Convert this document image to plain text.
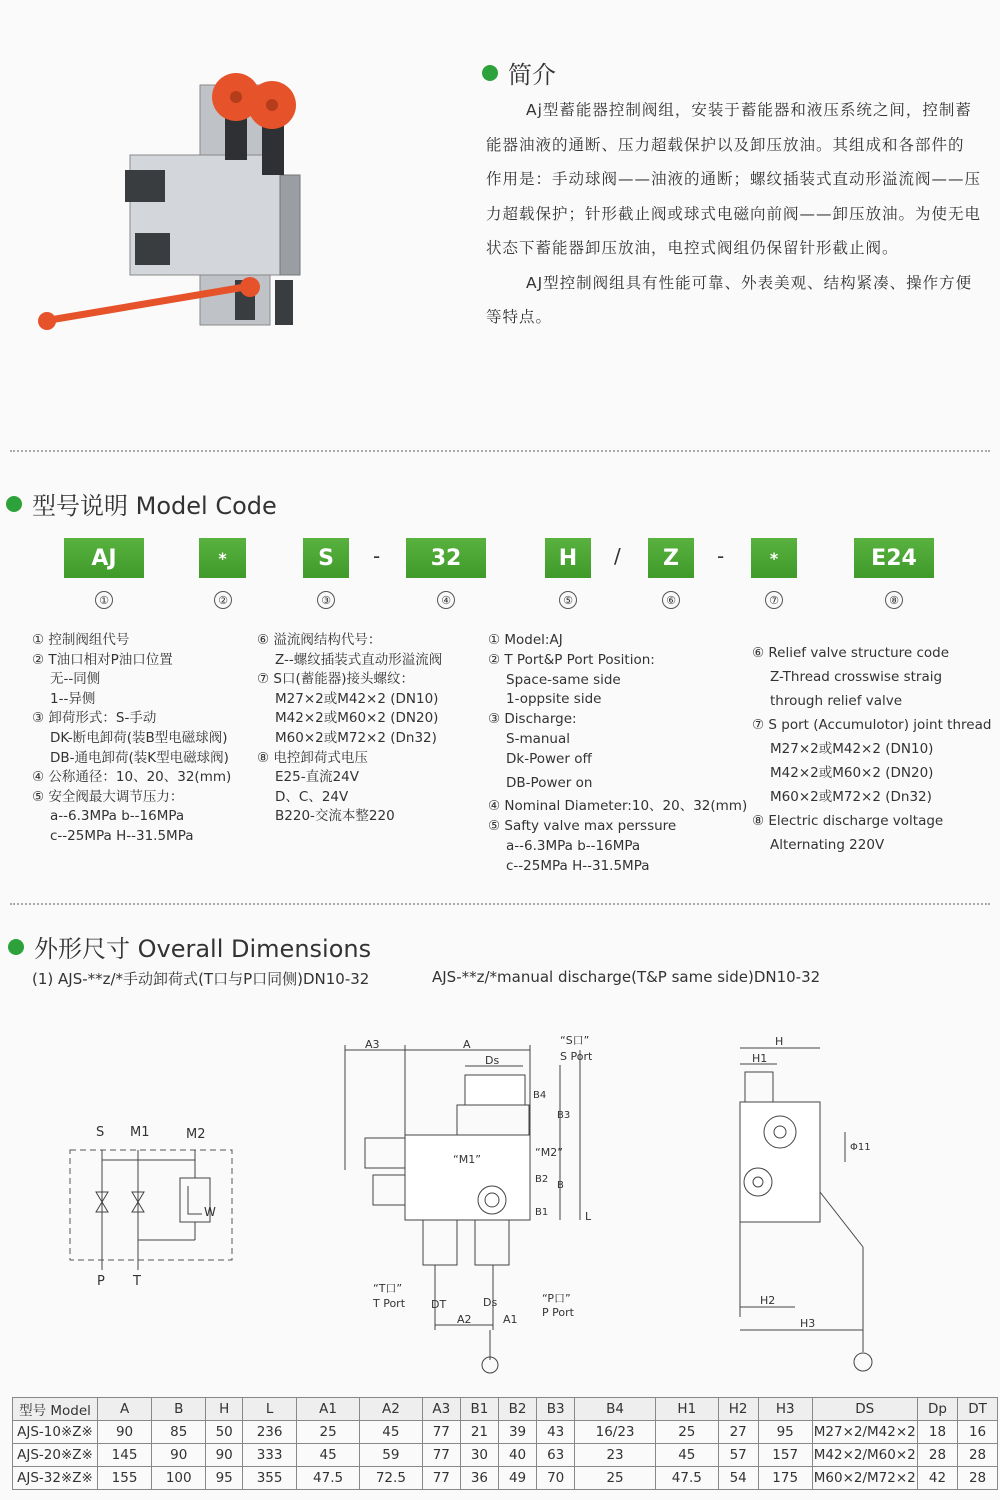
简介

Aj型蓄能器控制阀组，安装于蓄能器和液压系统之间，控制蓄

能器油液的通断、压力超载保护以及卸压放油。其组成和各部件的

作用是：手动球阀——油液的通断；螺纹插装式直动形溢流阀——压

力超载保护；针形截止阀或球式电磁向前阀——卸压放油。为使无电

状态下蓄能器卸压放油，电控式阀组仍保留针形截止阀。

AJ型控制阀组具有性能可靠、外表美观、结构紧凑、操作方便

等特点。

型号说明 Model Code
AJ	*	S	-	32	H	/	Z	-	*	E24
①	②	③	④	⑤	⑥	⑦	⑧
① 控制阀组代号
② T油口相对P油口位置
无--同侧
1--异侧
③ 卸荷形式：S-手动
DK-断电卸荷(装B型电磁球阀)
DB-通电卸荷(装K型电磁球阀)
④ 公称通径：10、20、32(mm)
⑤ 安全阀最大调节压力：
a--6.3MPa b--16MPa
c--25MPa H--31.5MPa
⑥ 溢流阀结构代号：
Z--螺纹插装式直动形溢流阀
⑦ S口(蓄能器)接头螺纹：
M27×2或M42×2 (DN10)
M42×2或M60×2 (DN20)
M60×2或M72×2 (Dn32)
⑧ 电控卸荷式电压
E25-直流24V
D、C、24V
B220-交流本整220
① Model:AJ
② T Port&P Port Position:
Space-same side
1-oppsite side
③ Discharge:
S-manual
Dk-Power off
DB-Power on
④ Nominal Diameter:10、20、32(mm)
⑤ Safty valve max perssure
a--6.3MPa b--16MPa
c--25MPa H--31.5MPa
⑥ Relief valve structure code
Z-Thread crosswise straig
through relief valve
⑦ S port (Accumulotor) joint thread
M27×2或M42×2 (DN10)
M42×2或M60×2 (DN20)
M60×2或M72×2 (Dn32)
⑧ Electric discharge voltage
Alternating 220V
外形尺寸 Overall Dimensions
(1) AJS-**z/*手动卸荷式(T口与P口同侧)DN10-32	AJS-**z/*manual discharge(T&P same side)DN10-32
S M1	M2
P T
W
A3	A
Ds
“S口”
S Port
B4
B3
“M1”
“M2”
B2
B
B1	L
“T口”
T Port DT	Ds	“P口”
P Port
A2	A1
H
H1
Φ11
H2
H3
型号 Model	A	B	H	L	A1	A2	A3	B1	B2	B3	B4	H1	H2	H3	DS	Dp	DT
AJS-10※Z※	90	85	50	236	25	45	77	21	39	43	16/23	25	27	95	M27×2/M42×2	18	16
AJS-20※Z※	145	90	90	333	45	59	77	30	40	63	23	45	57	157	M42×2/M60×2	28	28
AJS-32※Z※	155	100	95	355	47.5	72.5	77	36	49	70	25	47.5	54	175	M60×2/M72×2	42	28
